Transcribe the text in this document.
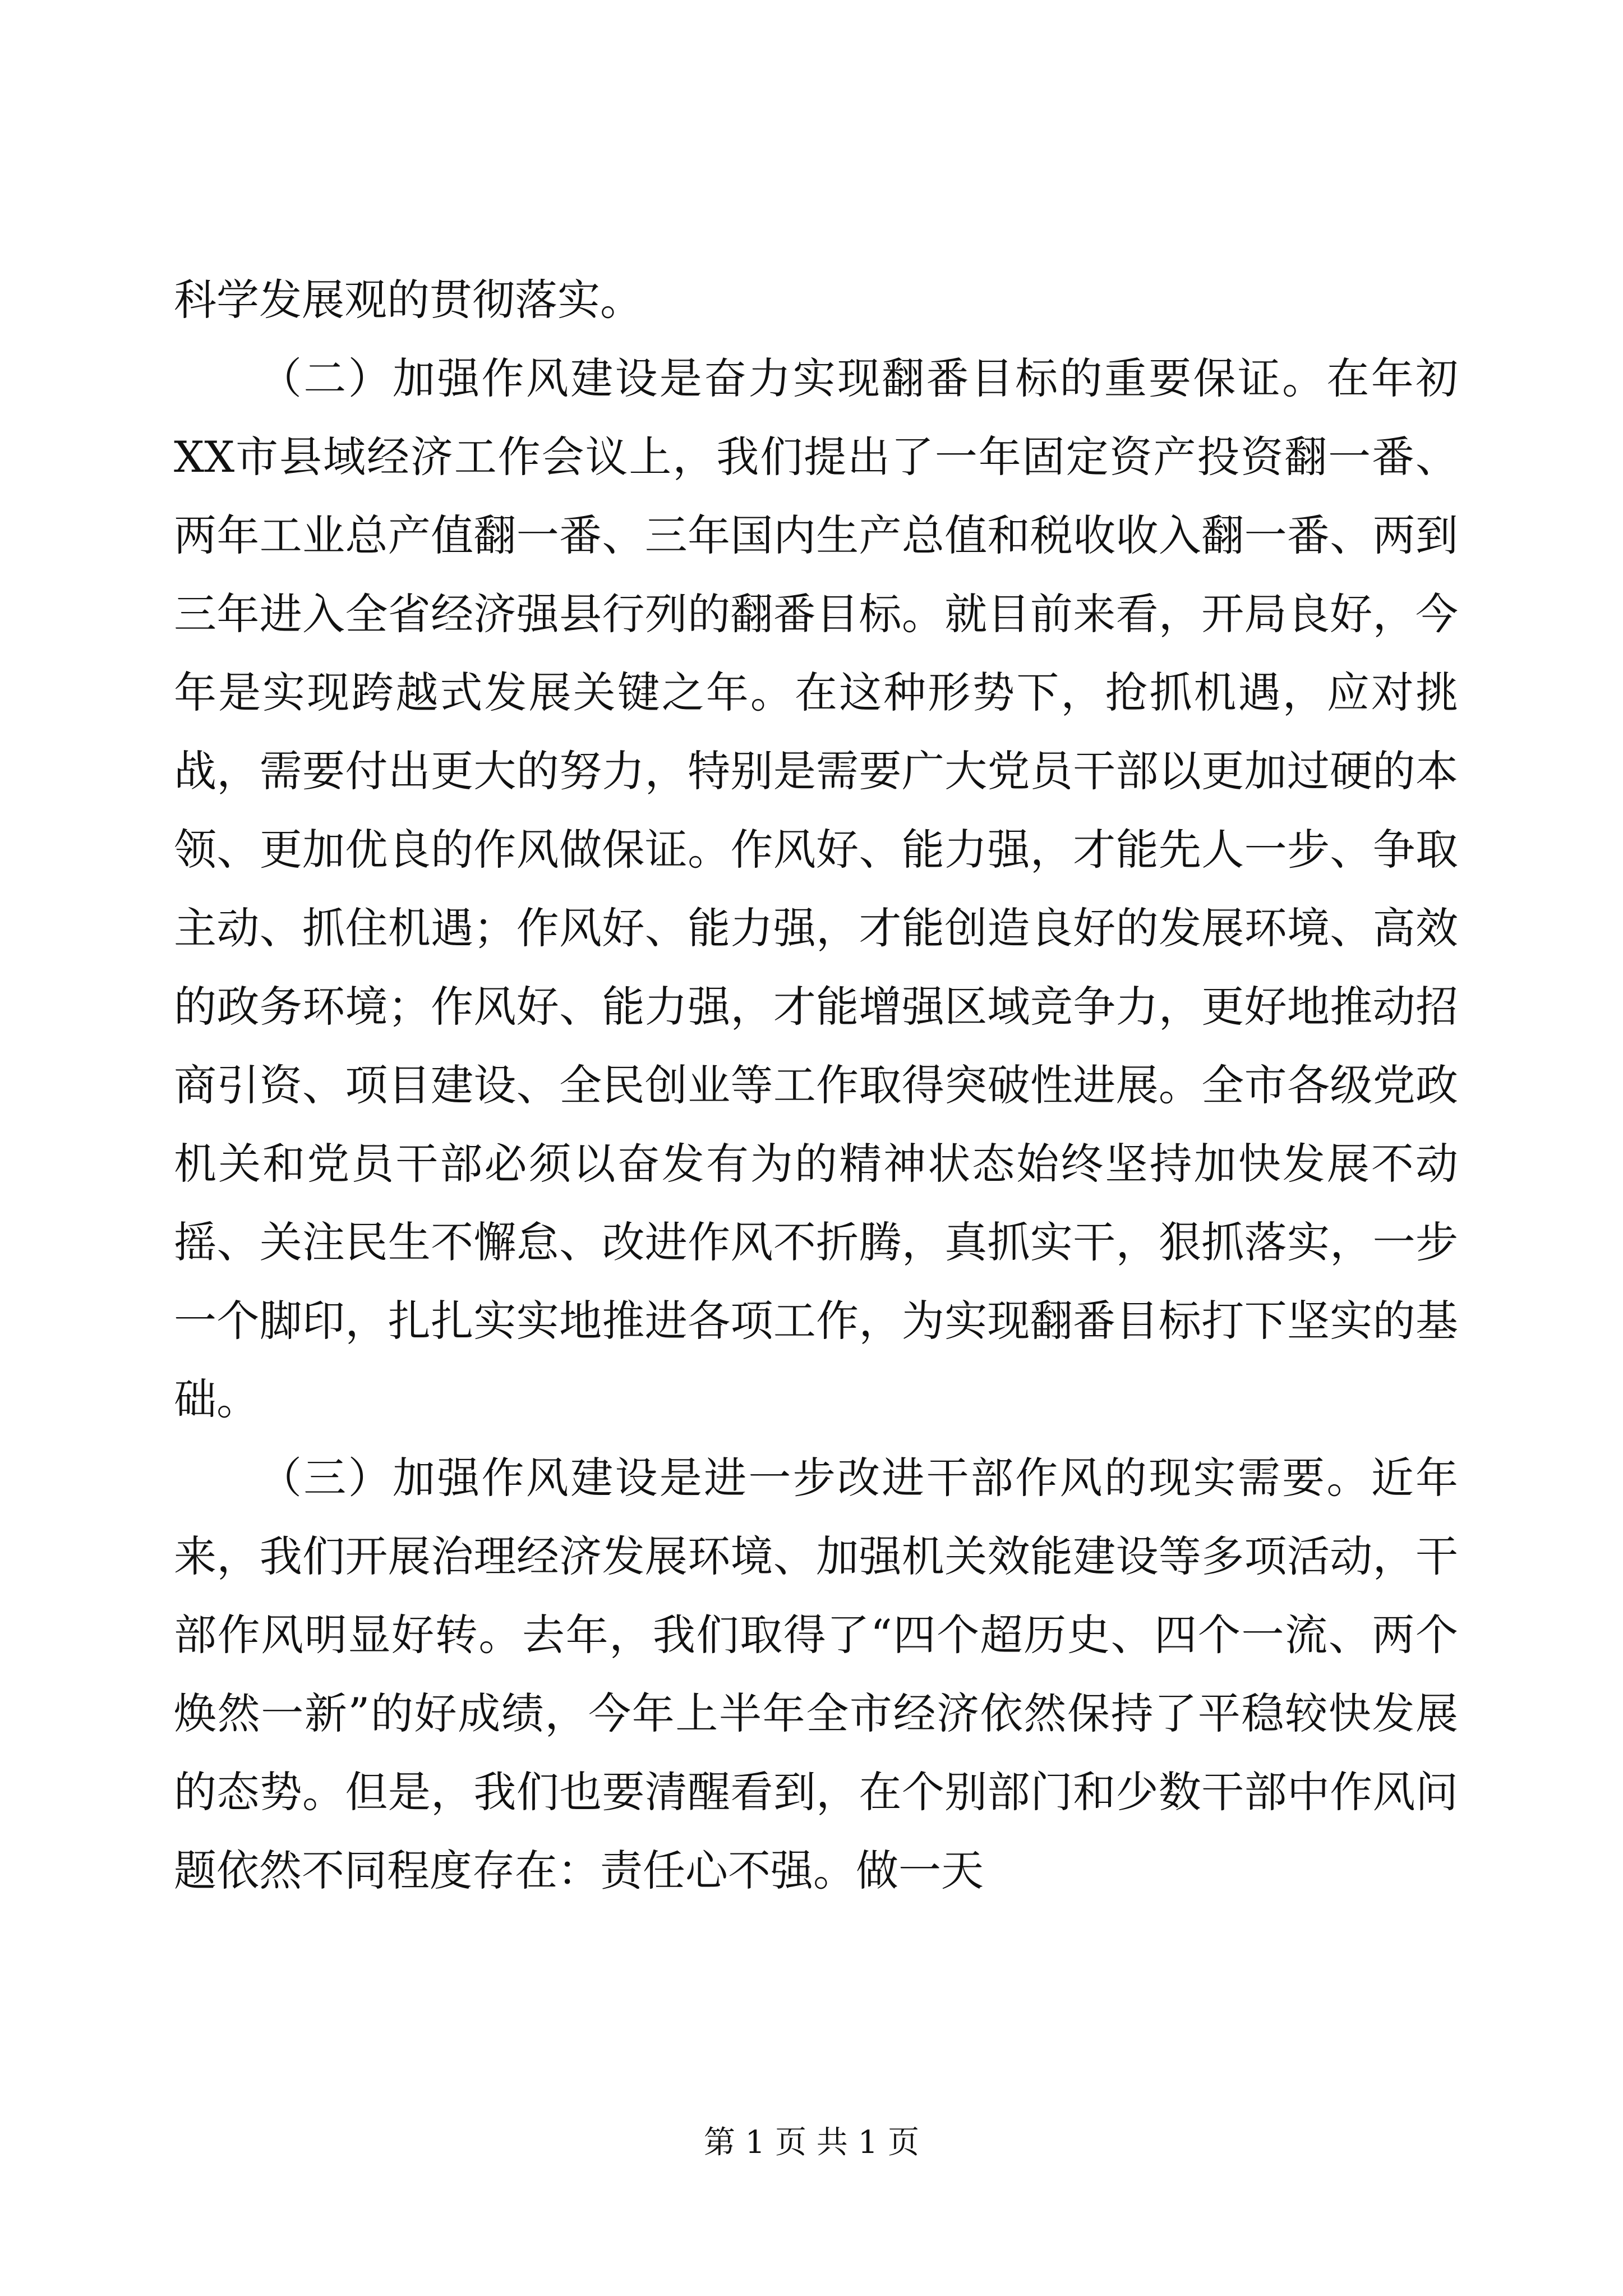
科学发展观的贯彻落实。

（二）加强作风建设是奋力实现翻番目标的重要保证。在年初XX市县域经济工作会议上，我们提出了一年固定资产投资翻一番、两年工业总产值翻一番、三年国内生产总值和税收收入翻一番、两到三年进入全省经济强县行列的翻番目标。就目前来看，开局良好，今年是实现跨越式发展关键之年。在这种形势下，抢抓机遇，应对挑战，需要付出更大的努力，特别是需要广大党员干部以更加过硬的本领、更加优良的作风做保证。作风好、能力强，才能先人一步、争取主动、抓住机遇；作风好、能力强，才能创造良好的发展环境、高效的政务环境；作风好、能力强，才能增强区域竞争力，更好地推动招商引资、项目建设、全民创业等工作取得突破性进展。全市各级党政机关和党员干部必须以奋发有为的精神状态始终坚持加快发展不动摇、关注民生不懈怠、改进作风不折腾，真抓实干，狠抓落实，一步一个脚印，扎扎实实地推进各项工作，为实现翻番目标打下坚实的基础。

（三）加强作风建设是进一步改进干部作风的现实需要。近年来，我们开展治理经济发展环境、加强机关效能建设等多项活动，干部作风明显好转。去年，我们取得了“四个超历史、四个一流、两个焕然一新”的好成绩，今年上半年全市经济依然保持了平稳较快发展的态势。但是，我们也要清醒看到，在个别部门和少数干部中作风问题依然不同程度存在：责任心不强。做一天

第 1 页 共 1 页
